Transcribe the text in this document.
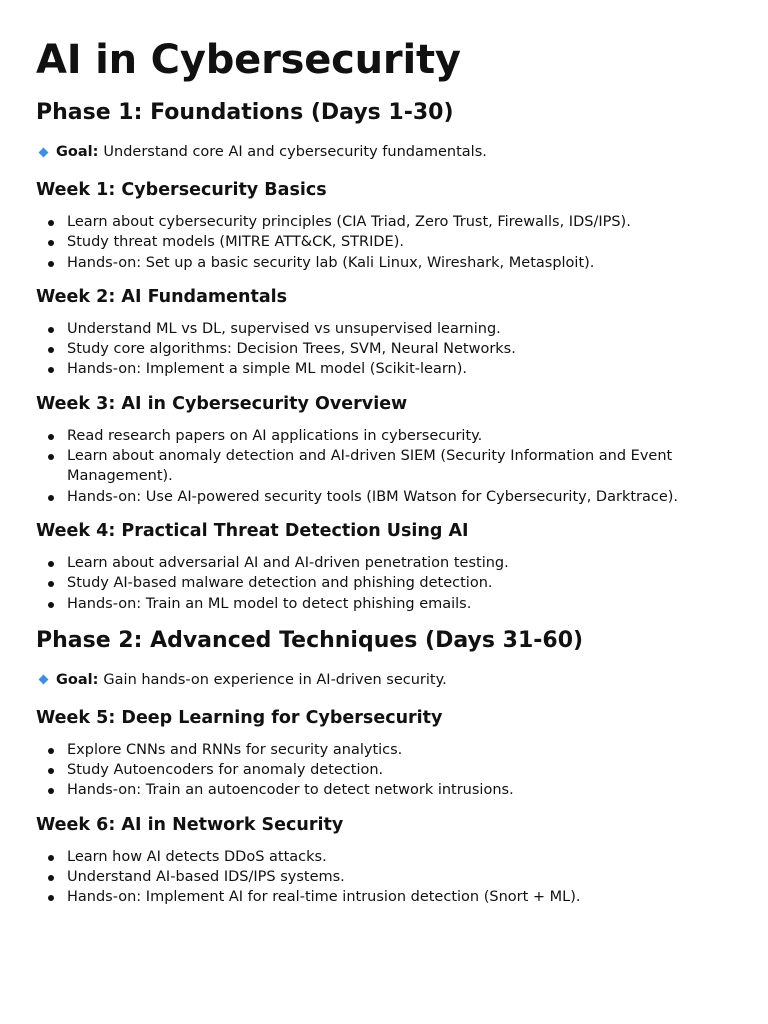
AI in Cybersecurity
Phase 1: Foundations (Days 1-30)
Goal: Understand core AI and cybersecurity fundamentals.
Week 1: Cybersecurity Basics
Learn about cybersecurity principles (CIA Triad, Zero Trust, Firewalls, IDS/IPS).
Study threat models (MITRE ATT&CK, STRIDE).
Hands-on: Set up a basic security lab (Kali Linux, Wireshark, Metasploit).
Week 2: AI Fundamentals
Understand ML vs DL, supervised vs unsupervised learning.
Study core algorithms: Decision Trees, SVM, Neural Networks.
Hands-on: Implement a simple ML model (Scikit-learn).
Week 3: AI in Cybersecurity Overview
Read research papers on AI applications in cybersecurity.
Learn about anomaly detection and AI-driven SIEM (Security Information and Event Management).
Hands-on: Use AI-powered security tools (IBM Watson for Cybersecurity, Darktrace).
Week 4: Practical Threat Detection Using AI
Learn about adversarial AI and AI-driven penetration testing.
Study AI-based malware detection and phishing detection.
Hands-on: Train an ML model to detect phishing emails.
Phase 2: Advanced Techniques (Days 31-60)
Goal: Gain hands-on experience in AI-driven security.
Week 5: Deep Learning for Cybersecurity
Explore CNNs and RNNs for security analytics.
Study Autoencoders for anomaly detection.
Hands-on: Train an autoencoder to detect network intrusions.
Week 6: AI in Network Security
Learn how AI detects DDoS attacks.
Understand AI-based IDS/IPS systems.
Hands-on: Implement AI for real-time intrusion detection (Snort + ML).
